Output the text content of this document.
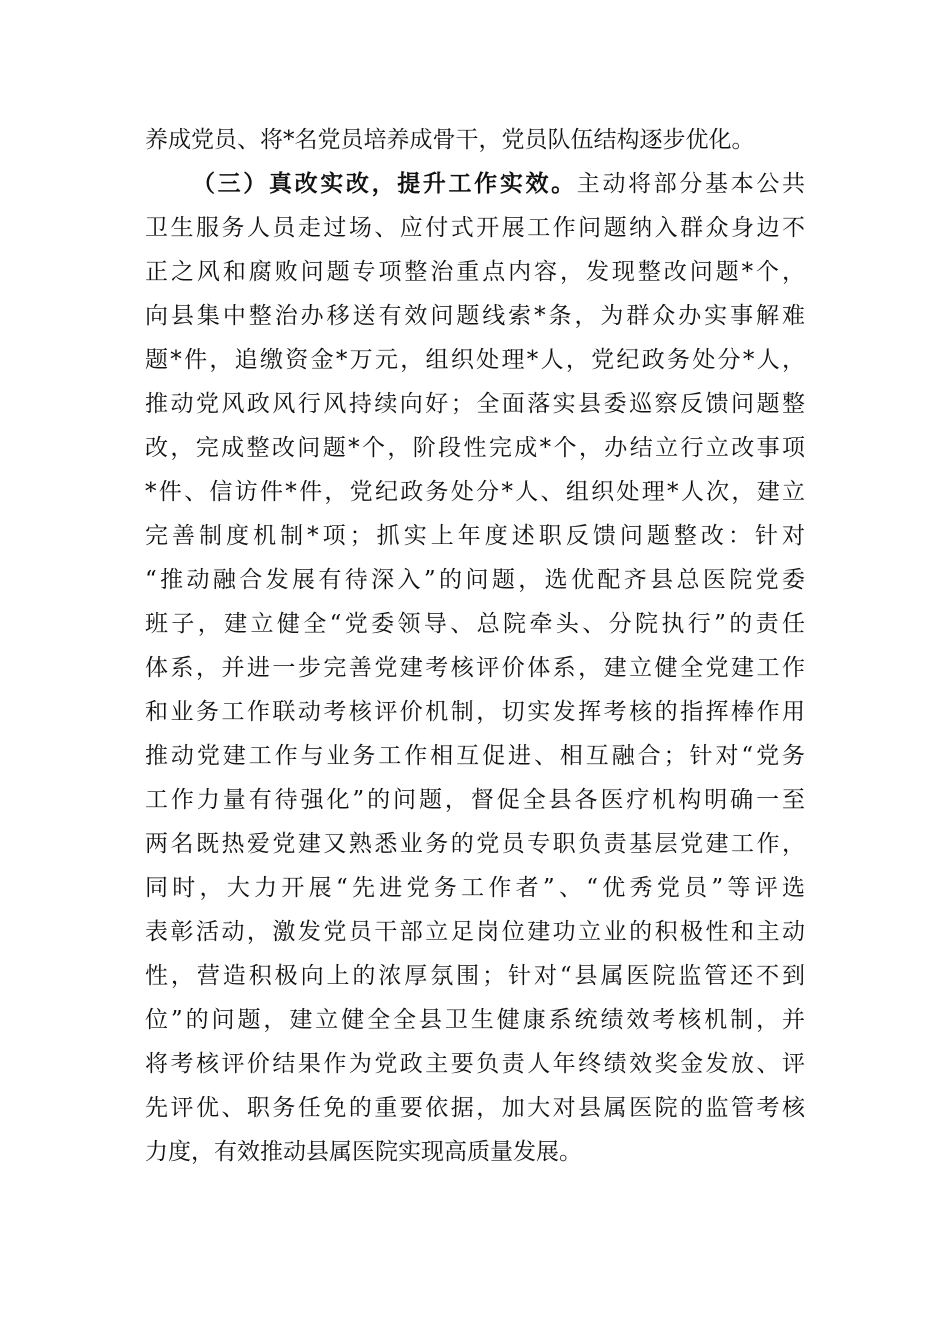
养成党员、将*名党员培养成骨干，党员队伍结构逐步优化。
（三）真改实改，提升工作实效。主动将部分基本公共
卫生服务人员走过场、应付式开展工作问题纳入群众身边不
正之风和腐败问题专项整治重点内容，发现整改问题*个，
向县集中整治办移送有效问题线索*条，为群众办实事解难
题*件，追缴资金*万元，组织处理*人，党纪政务处分*人，
推动党风政风行风持续向好；全面落实县委巡察反馈问题整
改，完成整改问题*个，阶段性完成*个，办结立行立改事项
*件、信访件*件，党纪政务处分*人、组织处理*人次，建立
完善制度机制*项；抓实上年度述职反馈问题整改：针对
“推动融合发展有待深入”的问题，选优配齐县总医院党委
班子，建立健全“党委领导、总院牵头、分院执行”的责任
体系，并进一步完善党建考核评价体系，建立健全党建工作
和业务工作联动考核评价机制，切实发挥考核的指挥棒作用
推动党建工作与业务工作相互促进、相互融合；针对“党务
工作力量有待强化”的问题，督促全县各医疗机构明确一至
两名既热爱党建又熟悉业务的党员专职负责基层党建工作，
同时，大力开展“先进党务工作者”、“优秀党员”等评选
表彰活动，激发党员干部立足岗位建功立业的积极性和主动
性，营造积极向上的浓厚氛围；针对“县属医院监管还不到
位”的问题，建立健全全县卫生健康系统绩效考核机制，并
将考核评价结果作为党政主要负责人年终绩效奖金发放、评
先评优、职务任免的重要依据，加大对县属医院的监管考核
力度，有效推动县属医院实现高质量发展。
